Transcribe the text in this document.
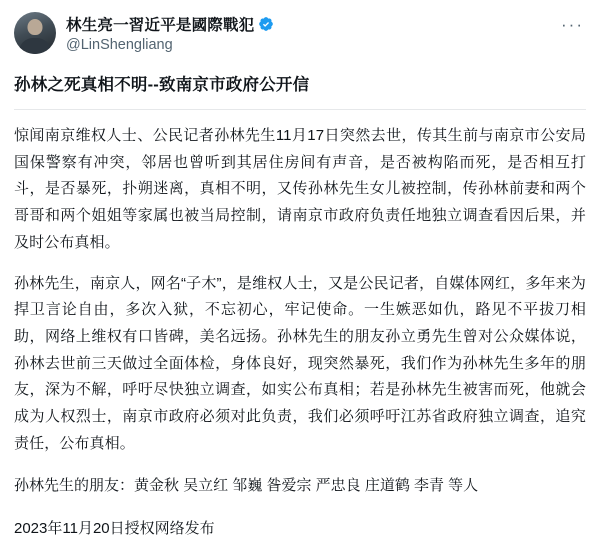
林生亮一習近平是國際戰犯
@LinShengliang
···
孙林之死真相不明--致南京市政府公开信
惊闻南京维权人士、公民记者孙林先生11月17日突然去世，传其生前与南京市公安局国保警察有冲突，邻居也曾听到其居住房间有声音，是否被构陷而死，是否相互打斗，是否暴死，扑朔迷离，真相不明，又传孙林先生女儿被控制，传孙林前妻和两个哥哥和两个姐姐等家属也被当局控制，请南京市政府负责任地独立调查看因后果，并及时公布真相。
孙林先生，南京人，网名“子木”，是维权人士，又是公民记者，自媒体网红，多年来为捍卫言论自由，多次入狱，不忘初心，牢记使命。一生嫉恶如仇，路见不平拔刀相助，网络上维权有口皆碑，美名远扬。孙林先生的朋友孙立勇先生曾对公众媒体说，孙林去世前三天做过全面体检，身体良好，现突然暴死，我们作为孙林先生多年的朋友，深为不解，呼吁尽快独立调查，如实公布真相；若是孙林先生被害而死，他就会成为人权烈士，南京市政府必须对此负责，我们必须呼吁江苏省政府独立调查，追究责任，公布真相。
孙林先生的朋友：黄金秋 吴立红 邹巍 昝爱宗 严忠良 庄道鹤 李青 等人
2023年11月20日授权网络发布
